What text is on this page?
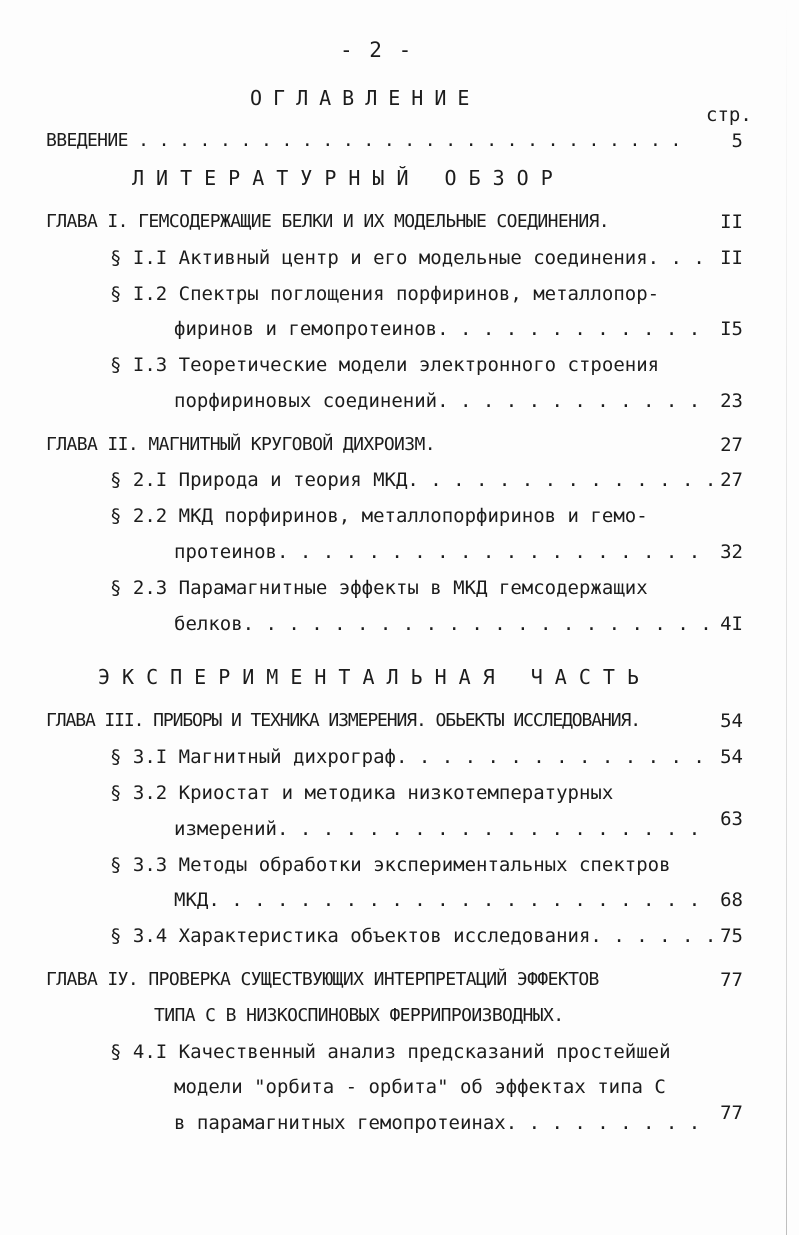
- 2 -
ОГЛАВЛЕНИЕ
стр.
ВВЕДЕНИЕ . . . . . . . . . . . . . . . . . . . . . . . . . . .	5
ЛИТЕРАТУРНЫЙ ОБЗОР
ГЛАВА I. ГЕМСОДЕРЖАЩИЕ БЕЛКИ И ИХ МОДЕЛЬНЫЕ СОЕДИНЕНИЯ.	II
§ I.I Активный центр и его модельные соединения. . . II
§ I.2 Спектры поглощения порфиринов, металлопор-
фиринов и гемопротеинов. . . . . . . . . . . . I5
§ I.3 Теоретические модели электронного строения
порфириновых соединений. . . . . . . . . . . . 23
ГЛАВА II. МАГНИТНЫЙ КРУГОВОЙ ДИХРОИЗМ.	27
§ 2.I Природа и теория МКД. . . . . . . . . . . . . . 27
§ 2.2 МКД порфиринов, металлопорфиринов и гемо-
протеинов. . . . . . . . . . . . . . . . . . . 32
§ 2.3 Парамагнитные эффекты в МКД гемсодержащих
белков. . . . . . . . . . . . . . . . . . . . . 4I
ЭКСПЕРИМЕНТАЛЬНАЯ ЧАСТЬ
ГЛАВА III. ПРИБОРЫ И ТЕХНИКА ИЗМЕРЕНИЯ. ОБЬЕКТЫ ИССЛЕДОВАНИЯ.	54
§ 3.I Магнитный дихрограф. . . . . . . . . . . . . . 54
§ 3.2 Криостат и методика низкотемпературных
измерений. . . . . . . . . . . . . . . . . . . 63
§ 3.3 Методы обработки экспериментальных спектров
МКД. . . . . . . . . . . . . . . . . . . . . . 68
§ 3.4 Характеристика объектов исследования. . . . . . 75
ГЛАВА IУ. ПРОВЕРКА СУЩЕСТВУЮЩИХ ИНТЕРПРЕТАЦИЙ ЭФФЕКТОВ	77
ТИПА С В НИЗКОСПИНОВЫХ ФЕРРИПРОИЗВОДНЫХ.
§ 4.I Качественный анализ предсказаний простейшей
модели "орбита - орбита" об эффектах типа С
в парамагнитных гемопротеинах. . . . . . . . . 77
